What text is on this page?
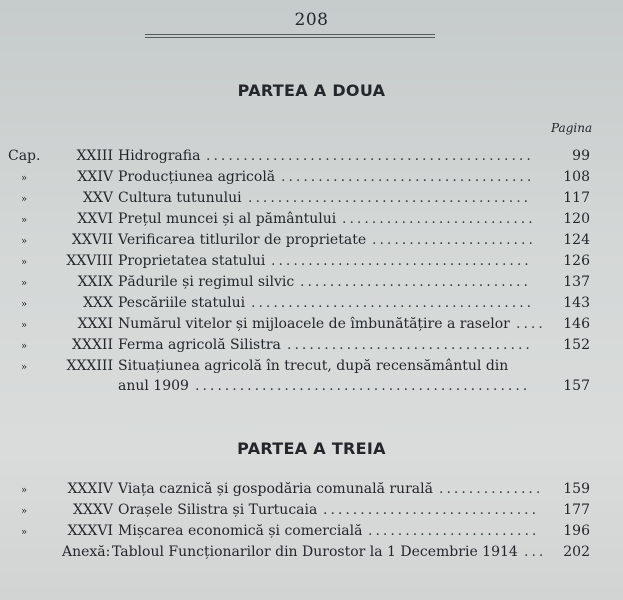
208
PARTEA A DOUA
Pagina
Cap.	XXIII Hidrografia	99
............................................
»	XXIV Producțiunea agricolă	108
..................................
»	XXV Cultura tutunului	117
......................................
»	XXVI Prețul muncei și al pământului	120
..........................
»	XXVII Verificarea titlurilor de proprietate	124
......................
»	XXVIII Proprietatea statului	126
...................................
»	XXIX Pădurile și regimul silvic	137
...............................
»	XXX Pescăriile statului	143
......................................
»	XXXI Numărul vitelor și mijloacele de îmbunătățire a raselor	146
....
»	XXXII Ferma agricolă Silistra	152
.................................
»	XXXIII Situațiunea agricolă în trecut, după recensământul din
anul 1909	157
.............................................
PARTEA A TREIA
»	XXXIV Viața caznică și gospodăria comunală rurală	159
..............
»	XXXV Orașele Silistra și Turtucaia	177
.............................
»	XXXVI Mișcarea economică și comercială	196
.......................
Anexă: Tabloul Funcționarilor din Durostor la 1 Decembrie 1914	202
...
